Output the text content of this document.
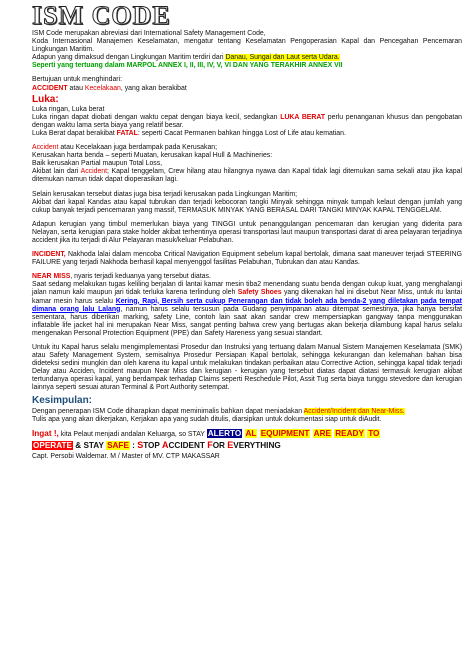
ISM CODE

ISM Code merupakan abreviasi dari International Safety Management Code,

Koda Internasional Manajemen Keselamatan, mengatur tentang Keselamatan Pengoperasian Kapal dan Pencegahan Pencemaran Lingkungan Maritim.

Adapun yang dimaksud dengan Lingkungan Maritim terdiri dari Danau, Sungai dan Laut serta Udara.

Seperti yang tertuang dalam MARPOL ANNEX I, II, III, IV, V, VI DAN YANG TERAKHIR ANNEX VII

Bertujuan untuk menghindari:

ACCIDENT atau Kecelakaan, yang akan berakibat

Luka:

Luka ringan, Luka berat

Luka ringan dapat diobati dengan waktu cepat dengan biaya kecil, sedangkan LUKA BERAT perlu penanganan khusus dan pengobatan dengan waktu lama serta biaya yang relatif besar.

Luka Berat dapat berakibat FATAL: seperti Cacat Permanen bahkan hingga Lost of Life atau kematian.

Accident atau Kecelakaan juga berdampak pada Kerusakan;

Kerusakan harta benda – seperti Muatan, kerusakan kapal Hull & Machineries:

Baik kerusakan Partial maupun Total Loss,

Akibat lain dari Accident; Kapal tenggelam, Crew hilang atau hilangnya nyawa dan Kapal tidak lagi ditemukan sama sekali atau jika kapal ditemukan namun tidak dapat dioperasikan lagi.

Selain kerusakan tersebut diatas juga bisa terjadi kerusakan pada Lingkungan Maritim;

Akibat dari kapal Kandas atau kapal tubrukan dan terjadi kebocoran tangki Minyak sehingga minyak tumpah kelaut dengan jumlah yang cukup banyak terjadi pencemaran yang massif, TERMASUK MINYAK YANG BERASAL DARI TANGKI MINYAK KAPAL TENGGELAM.

Adapun kerugian yang timbul memerlukan biaya yang TINGGI untuk penanggulangan pencemaran dan kerugian yang diderita para Nelayan, serta kerugian para stake holder akibat terhentinya operasi transportasi laut maupun transportasi darat di area pelayaran terjadinya accident jika itu terjadi di Alur Pelayaran masuk/keluar Pelabuhan.

INCIDENT, Nakhoda lalai dalam mencoba Critical Navigation Equipment sebelum kapal bertolak, dimana saat maneuver terjadi STEERING FAILURE yang terjadi Nakhoda berhasil kapal menyenggol fasilitas Pelabuhan, Tubrukan dan atau Kandas.

NEAR MISS, nyaris terjadi keduanya yang tersebut diatas.

Saat sedang melakukan tugas keliling berjalan di lantai kamar mesin tiba2 menendang suatu benda dengan cukup kuat, yang menghalangi jalan namun kaki maupun jari tidak terluka karena terlindung oleh Safety Shoes yang dikenakan hal ini disebut Near Miss, untuk itu lantai kamar mesin harus selalu Kering, Rapi, Bersih serta cukup Penerangan dan tidak boleh ada benda-2 yang diletakan pada tempat dimana orang lalu Lalang, namun harus selalu tersusun pada Gudang penyimpanan atau ditempat semestinya, jika hanya bersifat sementara, harus diberikan marking, safety Line, contoh lain saat akan sandar crew mempersiapkan gangway tanpa menggunakan inflatable life jacket hal ini merupakan Near Miss, sangat penting bahwa crew yang bertugas akan bekerja dilambung kapal harus selalu mengenakan Personal Protection Equipment (PPE) dan Safety Hareness yang sesuai standart.

Untuk itu Kapal harus selalu mengimplementasi Prosedur dan Instruksi yang tertuang dalam Manual Sistem Manajemen Keselamata (SMK) atau Safety Management System, semisalnya Prosedur Persiapan Kapal bertolak, sehingga kekurangan dan kelemahan bahan bisa dideteksi sedini mungkin dan oleh karena itu kapal untuk melakukan tindakan perbaikan atau Corrective Action, sehingga kapal tidak terjadi Delay atau Acciden, Incident maupun Near Miss dan kerugian - kerugian yang tersebut diatas dapat diatasi termasuk kerugian akibat tertundanya operasi kapal, yang berdampak terhadap Claims seperti Reschedule Pilot, Assit Tug serta biaya tunggu stevedore dan kerugian lainnya seperti sesuai aturan Terminal & Port Authority setempat.

Kesimpulan:

Dengan penerapan ISM Code diharapkan dapat meminimalis bahkan dapat meniadakan Accident/Incident dan Near-Miss.

Tulis apa yang akan dikerjakan, Kerjakan apa yang sudah ditulis, diarsipkan untuk dokumentasi siap untuk diAudit.

Ingat !, kita Pelaut menjadi andalan Keluarga, so STAY ALERTO AL EQUIPMENT ARE READY TO
OPERATE & STAY SAFE : STOP ACCIDENT FOR EVERYTHING

Capt. Persobi Waldemar. M / Master of MV. CTP MAKASSAR
